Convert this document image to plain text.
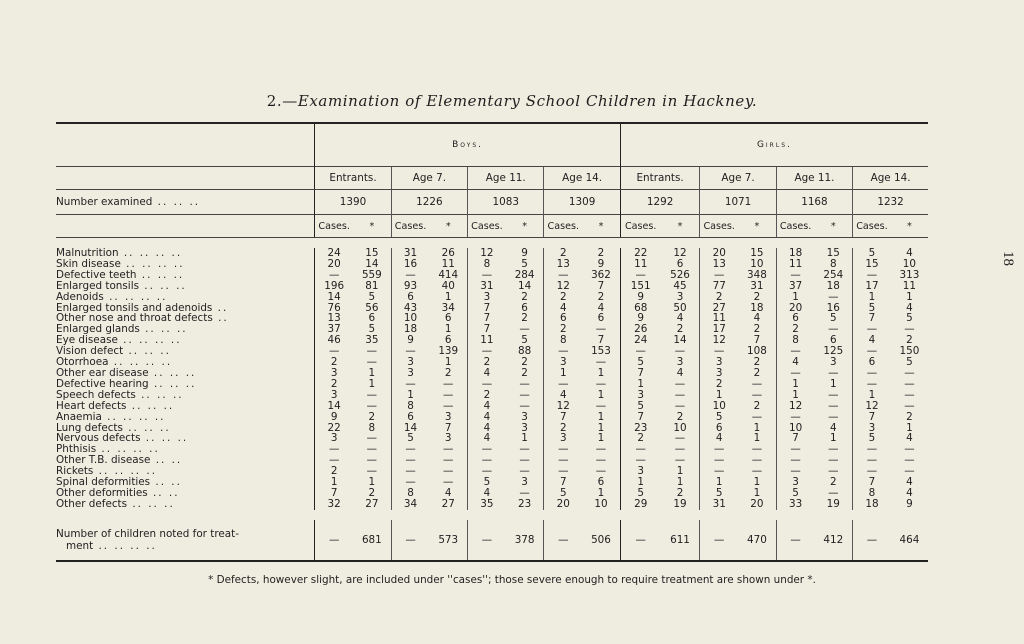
18
2.—Examination of Elementary School Children in Hackney.

	Boys.								Girls.							
	Entrants.		Age 7.		Age 11.		Age 14.		Entrants.		Age 7.		Age 11.		Age 14.	
Number examined .. .. ..	1390		1226		1083		1309		1292		1071		1168		1232	
	Cases.	*	Cases.	*	Cases.	*	Cases.	*	Cases.	*	Cases.	*	Cases.	*	Cases.	*

Malnutrition .. .. .. ..	24	15	31	26	12	9	2	2	22	12	20	15	18	15	5	4
Skin disease .. .. .. ..	20	14	16	11	8	5	13	9	11	6	13	10	11	8	15	10
Defective teeth .. .. ..	—	559	—	414	—	284	—	362	—	526	—	348	—	254	—	313
Enlarged tonsils .. .. ..	196	81	93	40	31	14	12	7	151	45	77	31	37	18	17	11
Adenoids .. .. .. ..	14	5	6	1	3	2	2	2	9	3	2	2	1	—	1	1
Enlarged tonsils and adenoids ..	76	56	43	34	7	6	4	4	68	50	27	18	20	16	5	4
Other nose and throat defects ..	13	6	10	6	7	2	6	6	9	4	11	4	6	5	7	5
Enlarged glands .. .. ..	37	5	18	1	7	—	2	—	26	2	17	2	2	—	—	—
Eye disease .. .. .. ..	46	35	9	6	11	5	8	7	24	14	12	7	8	6	4	2
Vision defect .. .. ..	—	—	—	139	—	88	—	153	—	—	—	108	—	125	—	150
Otorrhoea .. .. .. ..	2	—	3	1	2	2	3	—	5	3	3	2	4	3	6	5
Other ear disease .. .. ..	3	1	3	2	4	2	1	1	7	4	3	2	—	—	—	—
Defective hearing .. .. ..	2	1	—	—	—	—	—	—	1	—	2	—	1	1	—	—
Speech defects .. .. ..	3	—	1	—	2	—	4	1	3	—	1	—	1	—	1	—
Heart defects .. .. ..	14	—	8	—	4	—	12	—	5	—	10	2	12	—	12	—
Anaemia .. .. .. ..	9	2	6	3	4	3	7	1	7	2	5	—	—	—	7	2
Lung defects .. .. ..	22	8	14	7	4	3	2	1	23	10	6	1	10	4	3	1
Nervous defects .. .. ..	3	—	5	3	4	1	3	1	2	—	4	1	7	1	5	4
Phthisis .. .. .. ..	—	—	—	—	—	—	—	—	—	—	—	—	—	—	—	—
Other T.B. disease .. ..	—	—	—	—	—	—	—	—	—	—	—	—	—	—	—	—
Rickets .. .. .. ..	2	—	—	—	—	—	—	—	3	1	—	—	—	—	—	—
Spinal deformities .. ..	1	1	—	—	5	3	7	6	1	1	1	1	3	2	7	4
Other deformities .. ..	7	2	8	4	4	—	5	1	5	2	5	1	5	—	8	4
Other defects .. .. ..	32	27	34	27	35	23	20	10	29	19	31	20	33	19	18	9

Number of children noted for treat-
ment .. .. .. ..	—	681	—	573	—	378	—	506	—	611	—	470	—	412	—	464
* Defects, however slight, are included under ''cases''; those severe enough to require treatment are shown under *.
